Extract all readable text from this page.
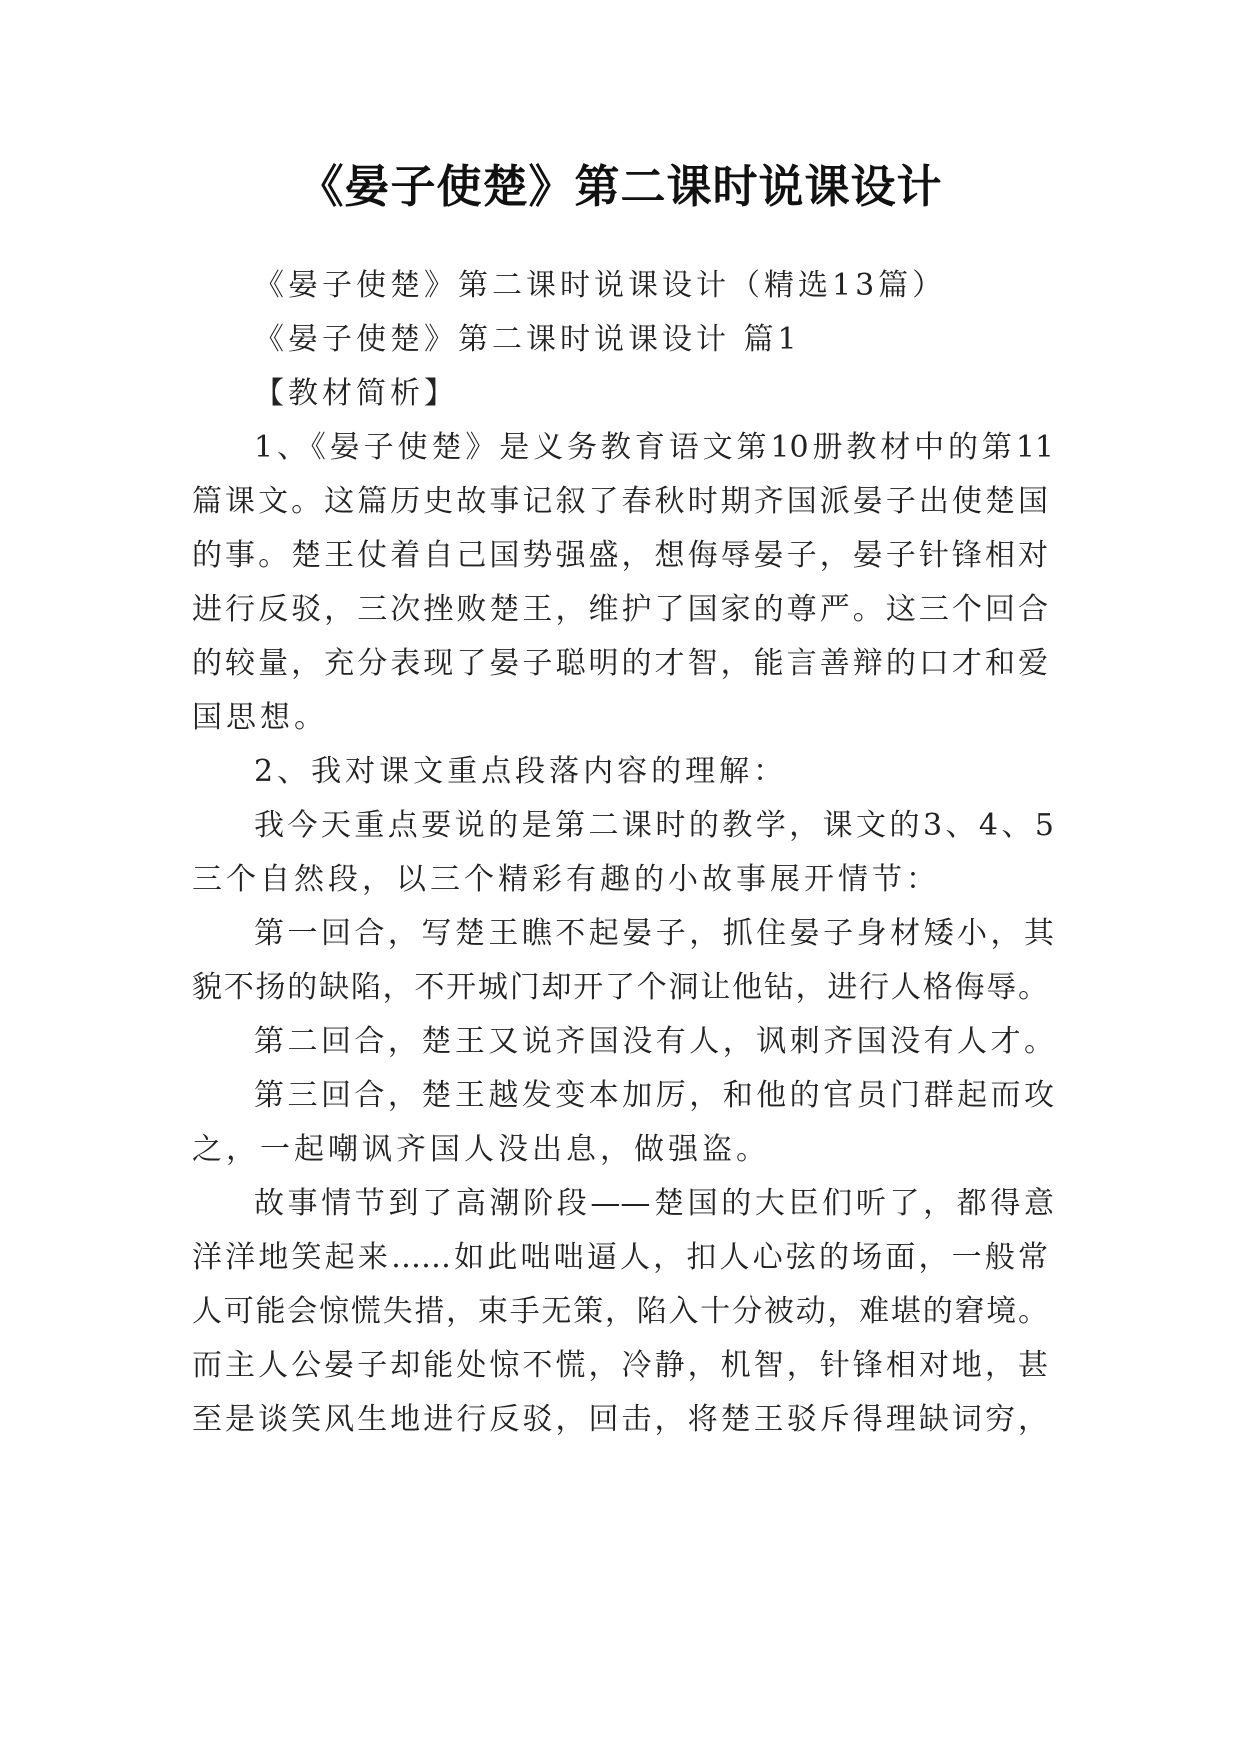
《晏子使楚》第二课时说课设计
《晏子使楚》第二课时说课设计（精选13篇）
《晏子使楚》第二课时说课设计 篇1
【教材简析】
1、《晏子使楚》是义务教育语文第10册教材中的第11
篇课文。这篇历史故事记叙了春秋时期齐国派晏子出使楚国
的事。楚王仗着自己国势强盛，想侮辱晏子，晏子针锋相对
进行反驳，三次挫败楚王，维护了国家的尊严。这三个回合
的较量，充分表现了晏子聪明的才智，能言善辩的口才和爱
国思想。
2、我对课文重点段落内容的理解：
我今天重点要说的是第二课时的教学，课文的3、4、5
三个自然段，以三个精彩有趣的小故事展开情节：
第一回合，写楚王瞧不起晏子，抓住晏子身材矮小，其
貌不扬的缺陷，不开城门却开了个洞让他钻，进行人格侮辱。
第二回合，楚王又说齐国没有人，讽刺齐国没有人才。
第三回合，楚王越发变本加厉，和他的官员门群起而攻
之，一起嘲讽齐国人没出息，做强盗。
故事情节到了高潮阶段——楚国的大臣们听了，都得意
洋洋地笑起来……如此咄咄逼人，扣人心弦的场面，一般常
人可能会惊慌失措，束手无策，陷入十分被动，难堪的窘境。
而主人公晏子却能处惊不慌，冷静，机智，针锋相对地，甚
至是谈笑风生地进行反驳，回击，将楚王驳斥得理缺词穷，
